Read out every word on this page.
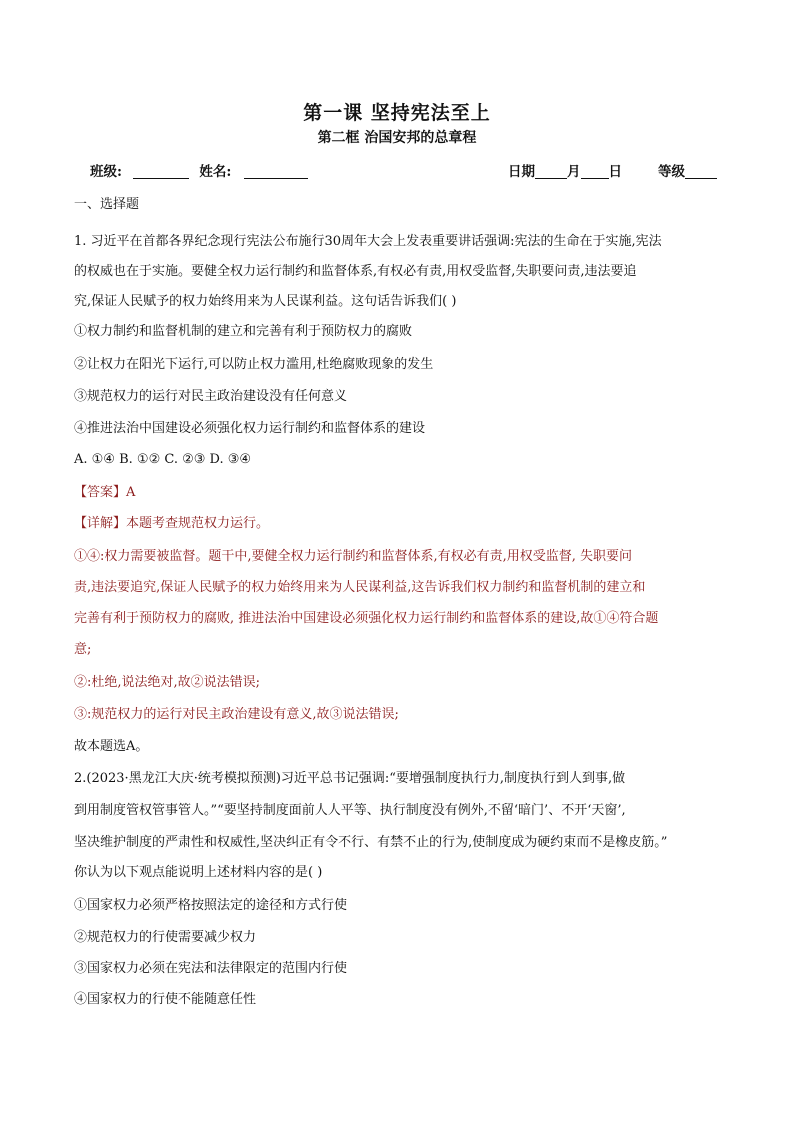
第一课 坚持宪法至上
第二框 治国安邦的总章程
班级:	姓名:	日期 月 日	等级
一、选择题
1. 习近平在首都各界纪念现行宪法公布施行30周年大会上发表重要讲话强调:宪法的生命在于实施,宪法
的权威也在于实施。要健全权力运行制约和监督体系,有权必有责,用权受监督,失职要问责,违法要追
究,保证人民赋予的权力始终用来为人民谋利益。这句话告诉我们( )
①权力制约和监督机制的建立和完善有利于预防权力的腐败
②让权力在阳光下运行,可以防止权力滥用,杜绝腐败现象的发生
③规范权力的运行对民主政治建设没有任何意义
④推进法治中国建设必须强化权力运行制约和监督体系的建设
A. ①④ B. ①② C. ②③ D. ③④
【答案】A
【详解】本题考查规范权力运行。
①④:权力需要被监督。题干中,要健全权力运行制约和监督体系,有权必有责,用权受监督, 失职要问
责,违法要追究,保证人民赋予的权力始终用来为人民谋利益,这告诉我们权力制约和监督机制的建立和
完善有利于预防权力的腐败, 推进法治中国建设必须强化权力运行制约和监督体系的建设,故①④符合题
意;
②:杜绝,说法绝对,故②说法错误;
③:规范权力的运行对民主政治建设有意义,故③说法错误;
故本题选A。
2.(2023·黑龙江大庆·统考模拟预测)习近平总书记强调:“要增强制度执行力,制度执行到人到事,做
到用制度管权管事管人。”“要坚持制度面前人人平等、执行制度没有例外,不留‘暗门’、不开‘天窗’,
坚决维护制度的严肃性和权威性,坚决纠正有令不行、有禁不止的行为,使制度成为硬约束而不是橡皮筋。”
你认为以下观点能说明上述材料内容的是( )
①国家权力必须严格按照法定的途径和方式行使
②规范权力的行使需要减少权力
③国家权力必须在宪法和法律限定的范围内行使
④国家权力的行使不能随意任性
